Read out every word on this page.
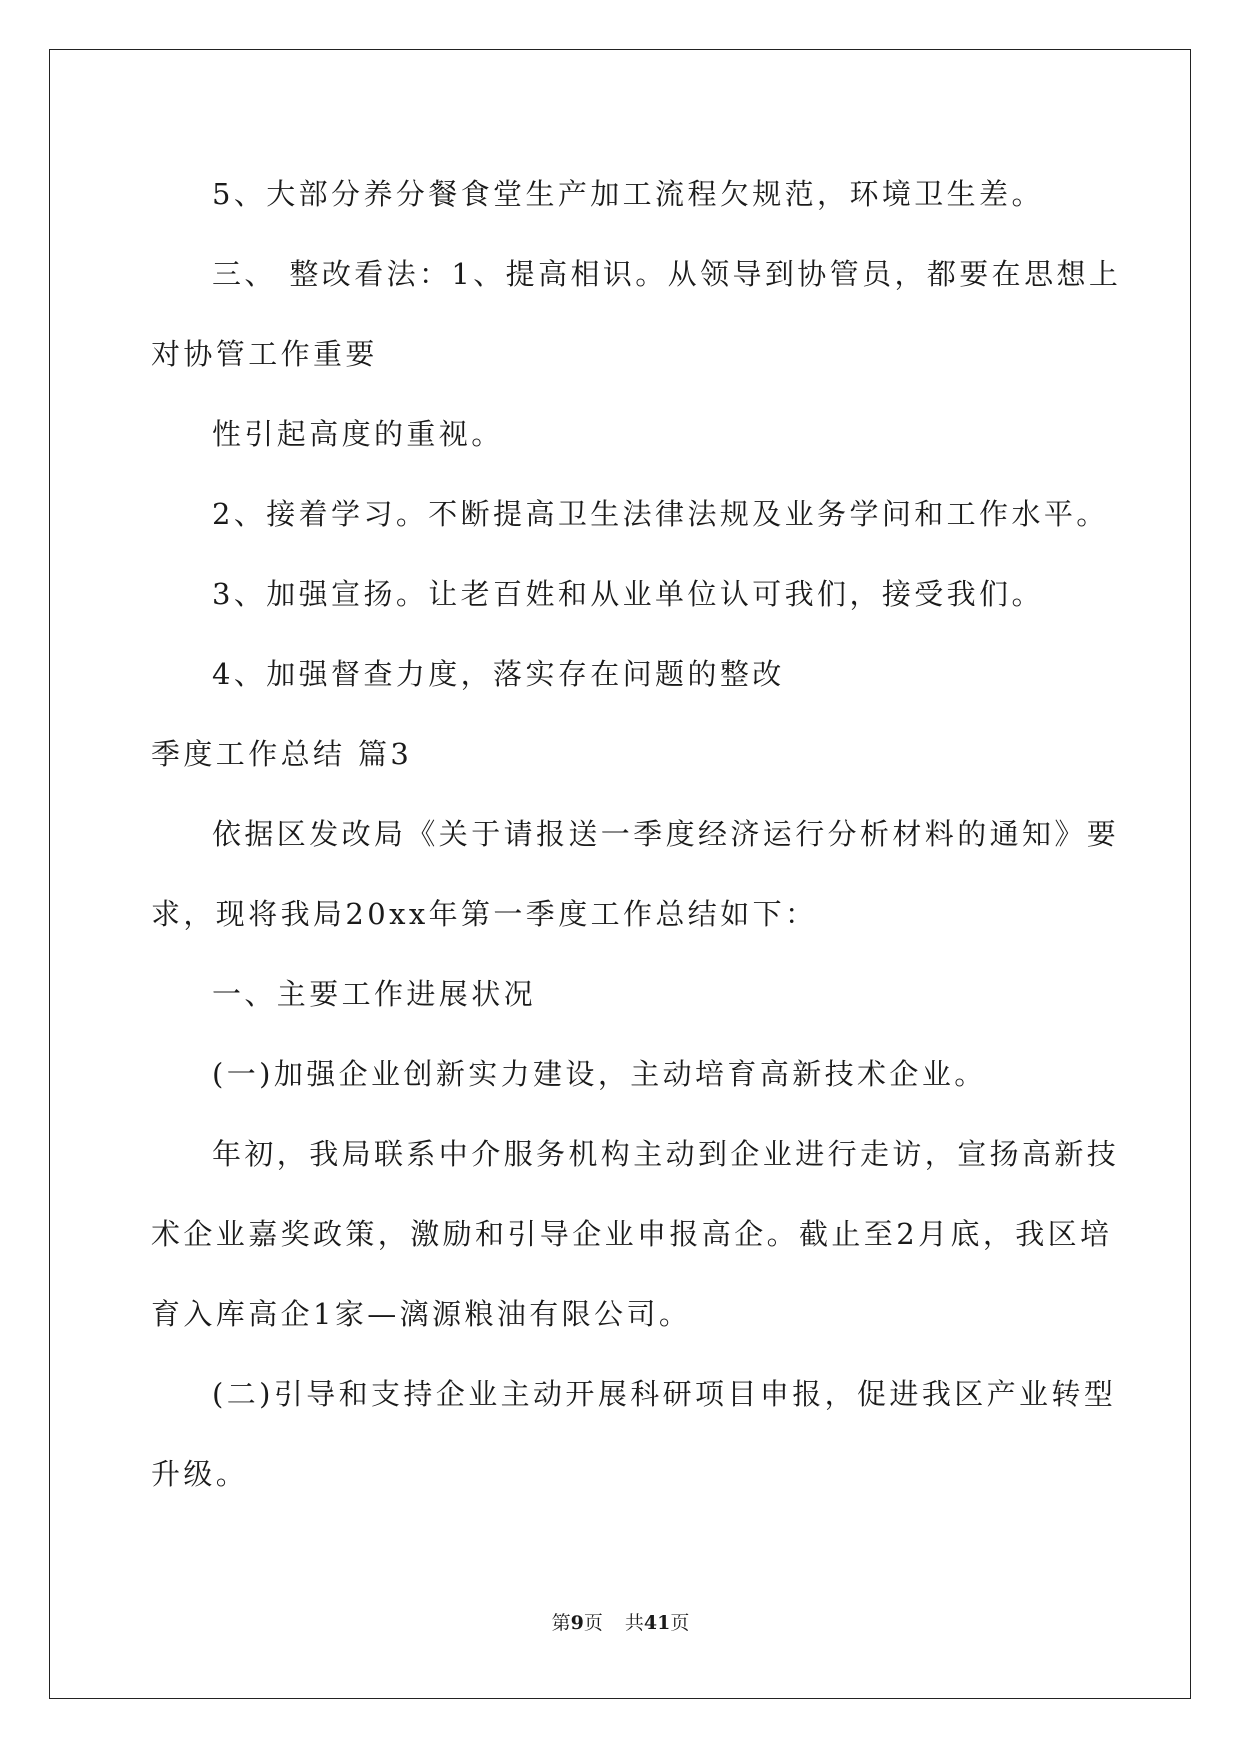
5、大部分养分餐食堂生产加工流程欠规范，环境卫生差。
三、 整改看法：1、提高相识。从领导到协管员，都要在思想上
对协管工作重要
性引起高度的重视。
2、接着学习。不断提高卫生法律法规及业务学问和工作水平。
3、加强宣扬。让老百姓和从业单位认可我们，接受我们。
4、加强督查力度，落实存在问题的整改
季度工作总结 篇3
依据区发改局《关于请报送一季度经济运行分析材料的通知》要
求，现将我局20xx年第一季度工作总结如下：
一、主要工作进展状况
(一)加强企业创新实力建设，主动培育高新技术企业。
年初，我局联系中介服务机构主动到企业进行走访，宣扬高新技
术企业嘉奖政策，激励和引导企业申报高企。截止至2月底，我区培
育入库高企1家—漓源粮油有限公司。
(二)引导和支持企业主动开展科研项目申报，促进我区产业转型
升级。
第9页 共41页
